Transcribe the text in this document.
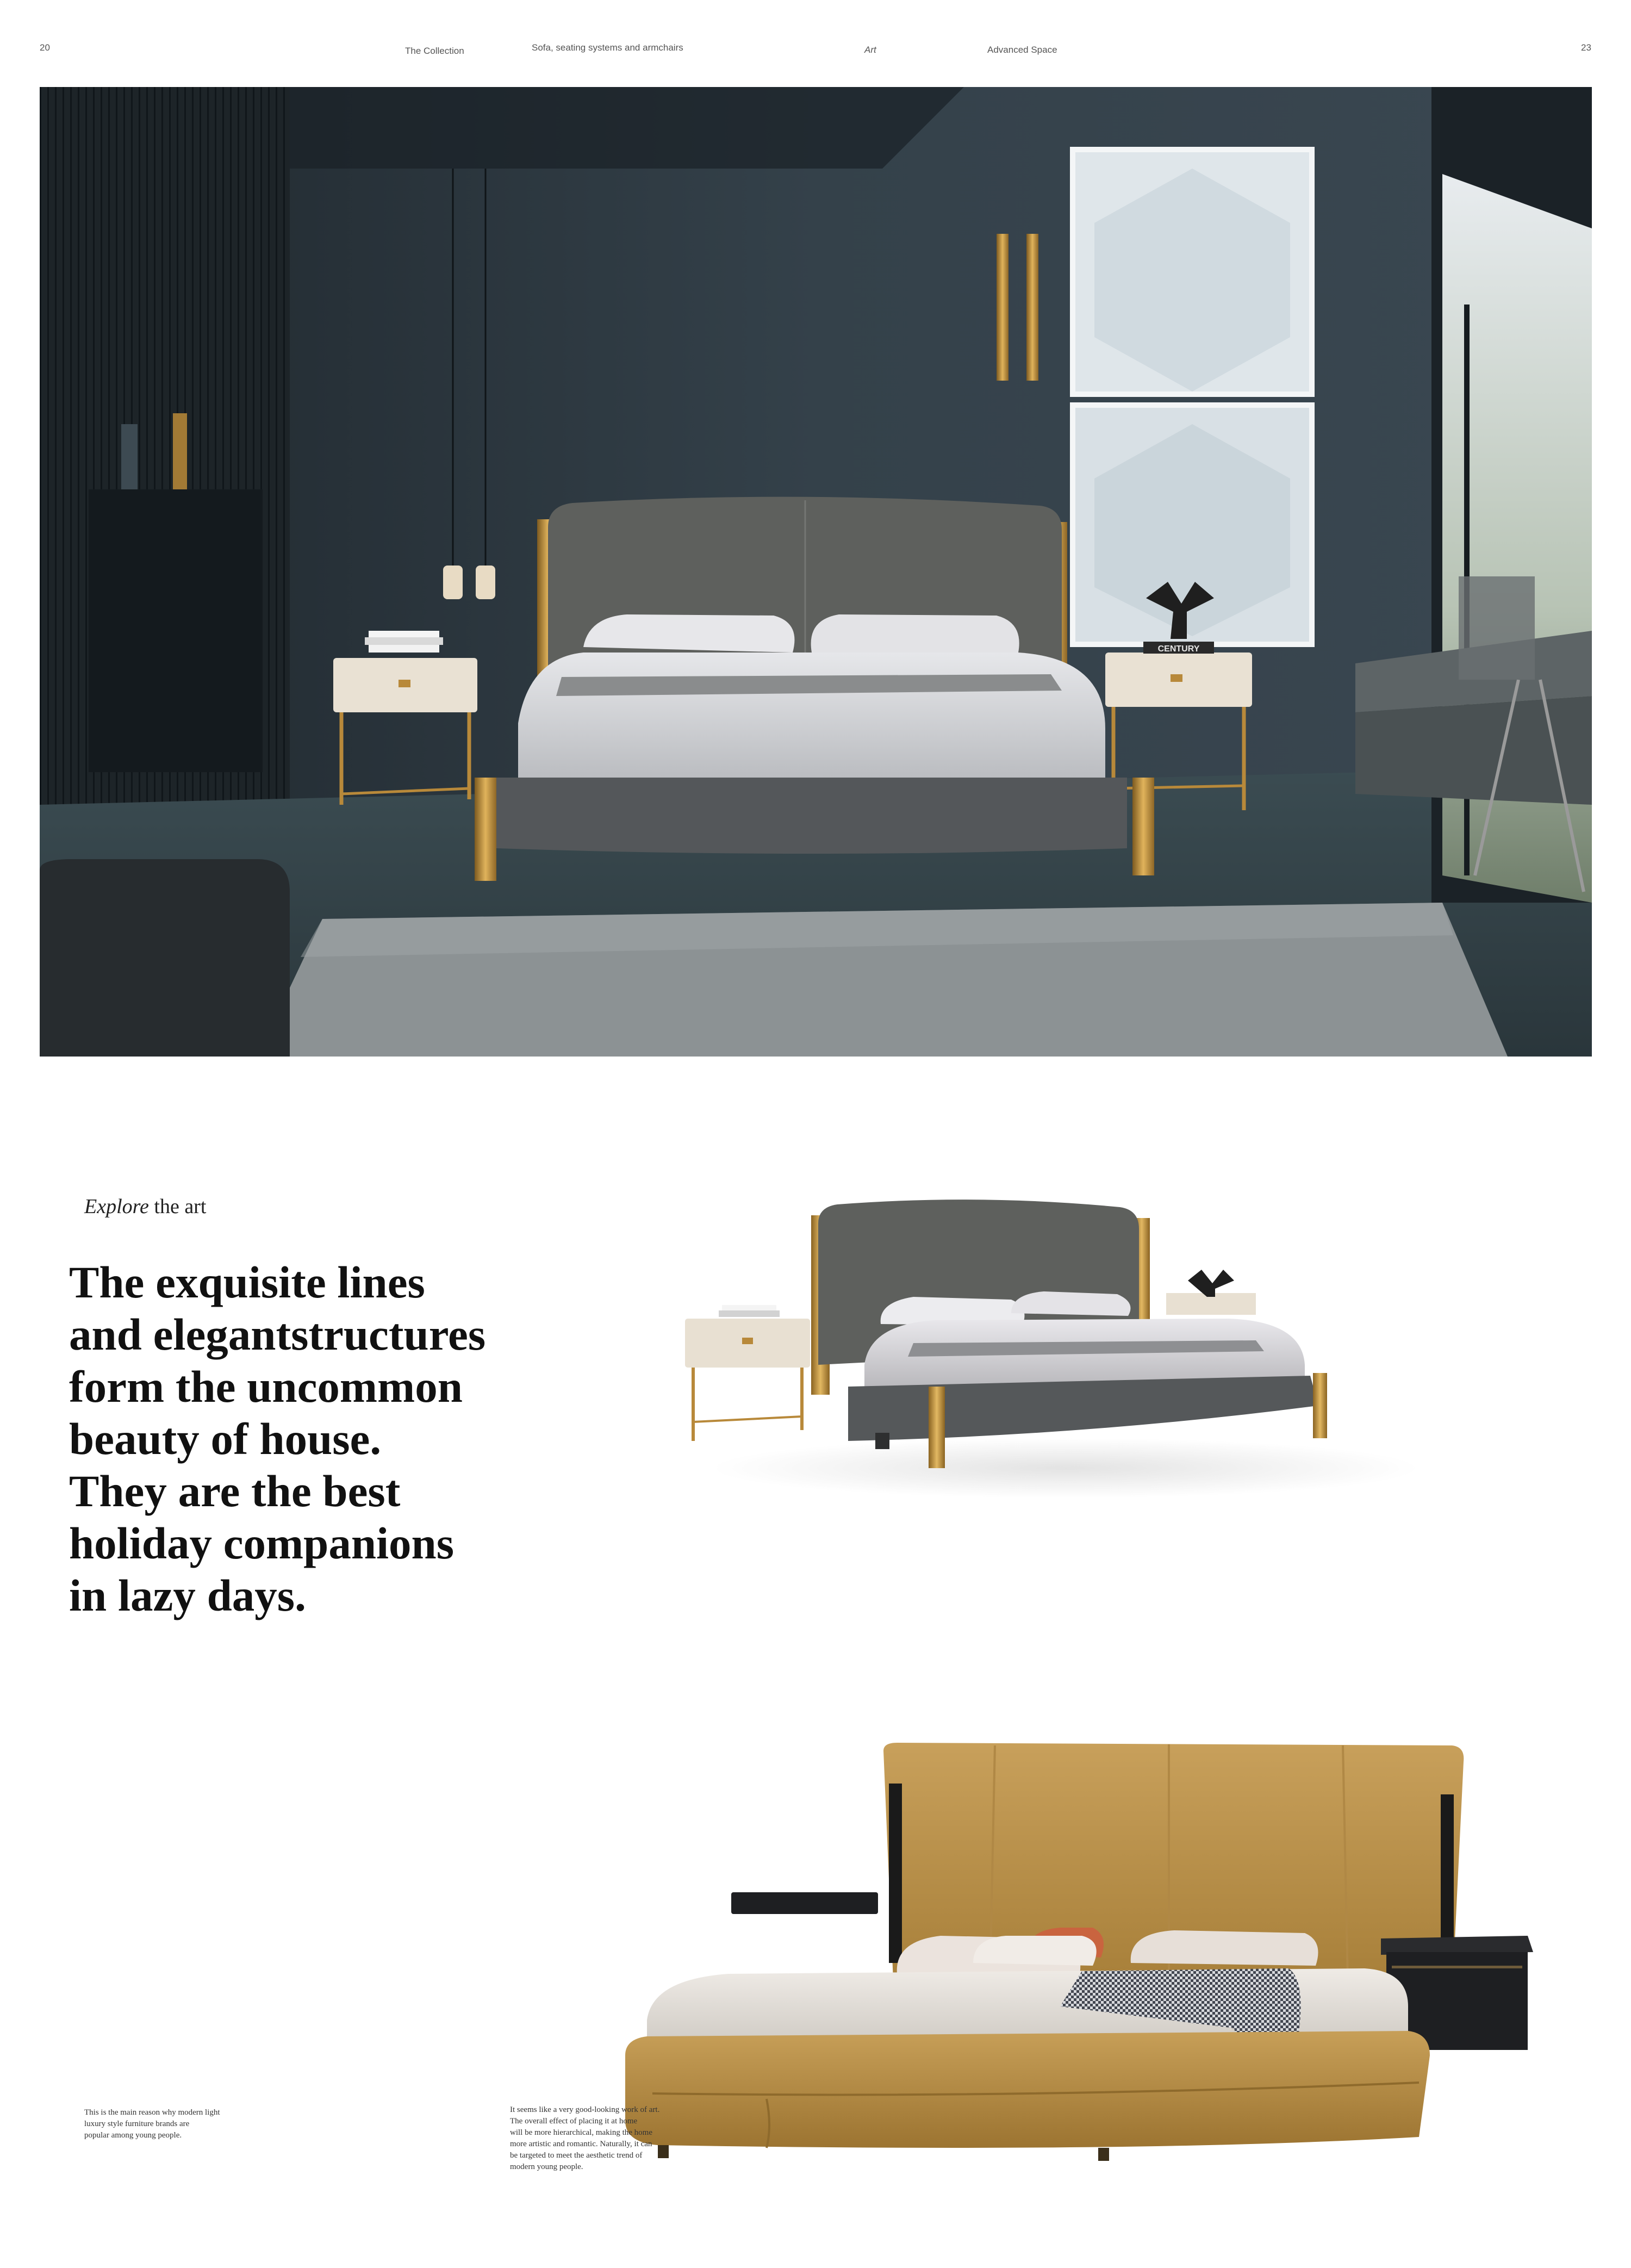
20	The Collection	Sofa, seating systems and armchairs	Art	Advanced Space	23
CENTURY
Explore the art
The exquisite lines
and elegantstructures
form the uncommon
beauty of house.
They are the best
holiday companions
in lazy days.

This is the main reason why modern light
luxury style furniture brands are
popular among young people.

It seems like a very good-looking work of art.
The overall effect of placing it at home
will be more hierarchical, making the home
more artistic and romantic. Naturally, it can
be targeted to meet the aesthetic trend of
modern young people.
